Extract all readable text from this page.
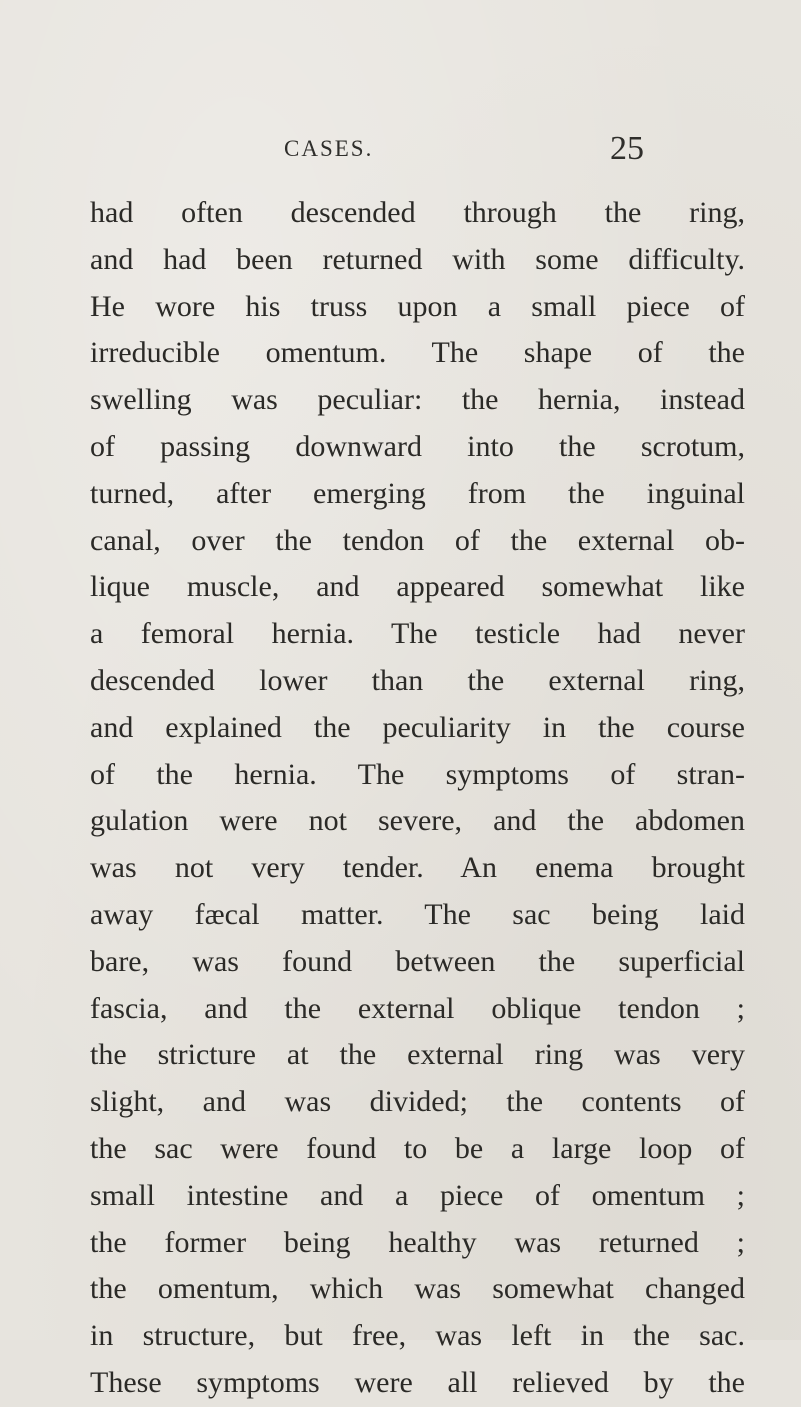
CASES.	25
had often descended through the ring,
and had been returned with some difficulty.
He wore his truss upon a small piece of
irreducible omentum. The shape of the
swelling was peculiar: the hernia, instead
of passing downward into the scrotum,
turned, after emerging from the inguinal
canal, over the tendon of the external ob-
lique muscle, and appeared somewhat like
a femoral hernia. The testicle had never
descended lower than the external ring,
and explained the peculiarity in the course
of the hernia. The symptoms of stran-
gulation were not severe, and the abdomen
was not very tender. An enema brought
away fæcal matter. The sac being laid
bare, was found between the superficial
fascia, and the external oblique tendon ;
the stricture at the external ring was very
slight, and was divided; the contents of
the sac were found to be a large loop of
small intestine and a piece of omentum ;
the former being healthy was returned ;
the omentum, which was somewhat changed
in structure, but free, was left in the sac.
These symptoms were all relieved by the
